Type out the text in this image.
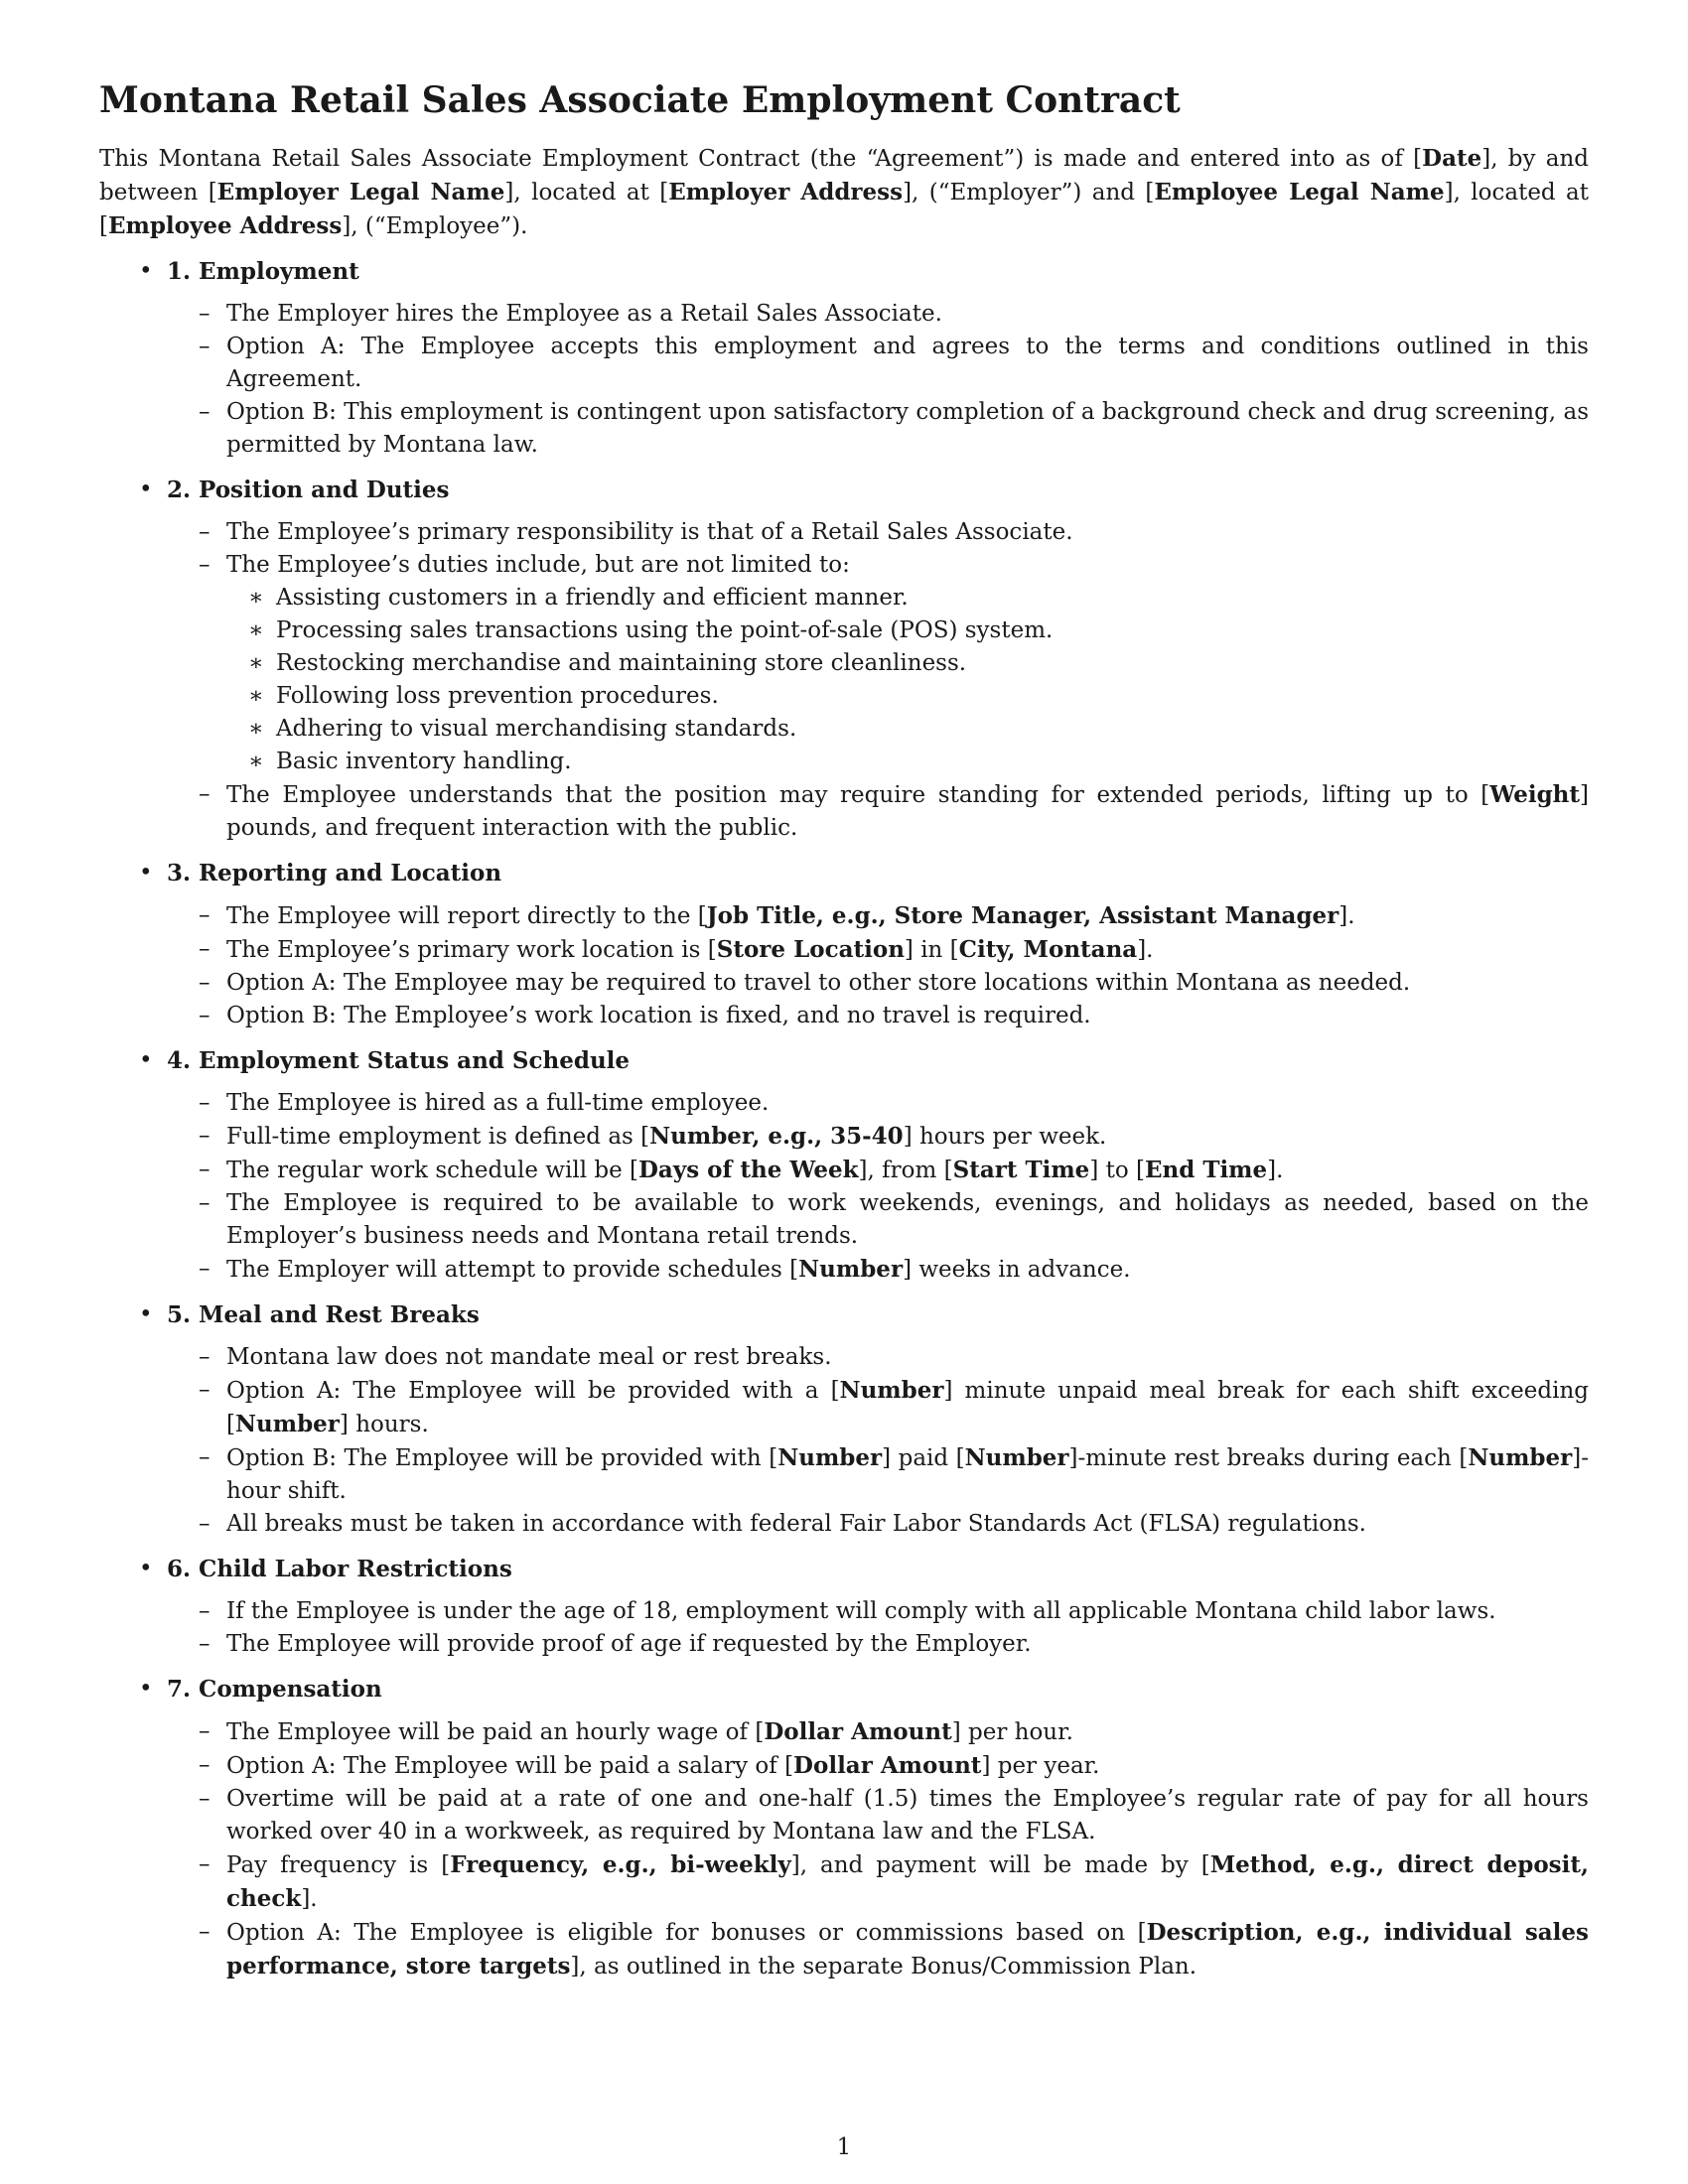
Montana Retail Sales Associate Employment Contract

This Montana Retail Sales Associate Employment Contract (the “Agreement”) is made and entered into as of [Date], by and between [Employer Legal Name], located at [Employer Address], (“Employer”) and [Employee Legal Name], located at [Employee Address], (“Employee”).

• 1. Employment
– The Employer hires the Employee as a Retail Sales Associate.
– Option A: The Employee accepts this employment and agrees to the terms and conditions outlined in this Agreement.
– Option B: This employment is contingent upon satisfactory completion of a background check and drug screening, as permitted by Montana law.
• 2. Position and Duties
– The Employee’s primary responsibility is that of a Retail Sales Associate.
– The Employee’s duties include, but are not limited to:
∗ Assisting customers in a friendly and efficient manner.
∗ Processing sales transactions using the point-of-sale (POS) system.
∗ Restocking merchandise and maintaining store cleanliness.
∗ Following loss prevention procedures.
∗ Adhering to visual merchandising standards.
∗ Basic inventory handling.
– The Employee understands that the position may require standing for extended periods, lifting up to [Weight] pounds, and frequent interaction with the public.
• 3. Reporting and Location
– The Employee will report directly to the [Job Title, e.g., Store Manager, Assistant Manager].
– The Employee’s primary work location is [Store Location] in [City, Montana].
– Option A: The Employee may be required to travel to other store locations within Montana as needed.
– Option B: The Employee’s work location is fixed, and no travel is required.
• 4. Employment Status and Schedule
– The Employee is hired as a full-time employee.
– Full-time employment is defined as [Number, e.g., 35-40] hours per week.
– The regular work schedule will be [Days of the Week], from [Start Time] to [End Time].
– The Employee is required to be available to work weekends, evenings, and holidays as needed, based on the Employer’s business needs and Montana retail trends.
– The Employer will attempt to provide schedules [Number] weeks in advance.
• 5. Meal and Rest Breaks
– Montana law does not mandate meal or rest breaks.
– Option A: The Employee will be provided with a [Number] minute unpaid meal break for each shift exceeding [Number] hours.
– Option B: The Employee will be provided with [Number] paid [Number]-minute rest breaks during each [Number]-hour shift.
– All breaks must be taken in accordance with federal Fair Labor Standards Act (FLSA) regulations.
• 6. Child Labor Restrictions
– If the Employee is under the age of 18, employment will comply with all applicable Montana child labor laws.
– The Employee will provide proof of age if requested by the Employer.
• 7. Compensation
– The Employee will be paid an hourly wage of [Dollar Amount] per hour.
– Option A: The Employee will be paid a salary of [Dollar Amount] per year.
– Overtime will be paid at a rate of one and one-half (1.5) times the Employee’s regular rate of pay for all hours worked over 40 in a workweek, as required by Montana law and the FLSA.
– Pay frequency is [Frequency, e.g., bi-weekly], and payment will be made by [Method, e.g., direct deposit, check].
– Option A: The Employee is eligible for bonuses or commissions based on [Description, e.g., individual sales performance, store targets], as outlined in the separate Bonus/Commission Plan.
1
